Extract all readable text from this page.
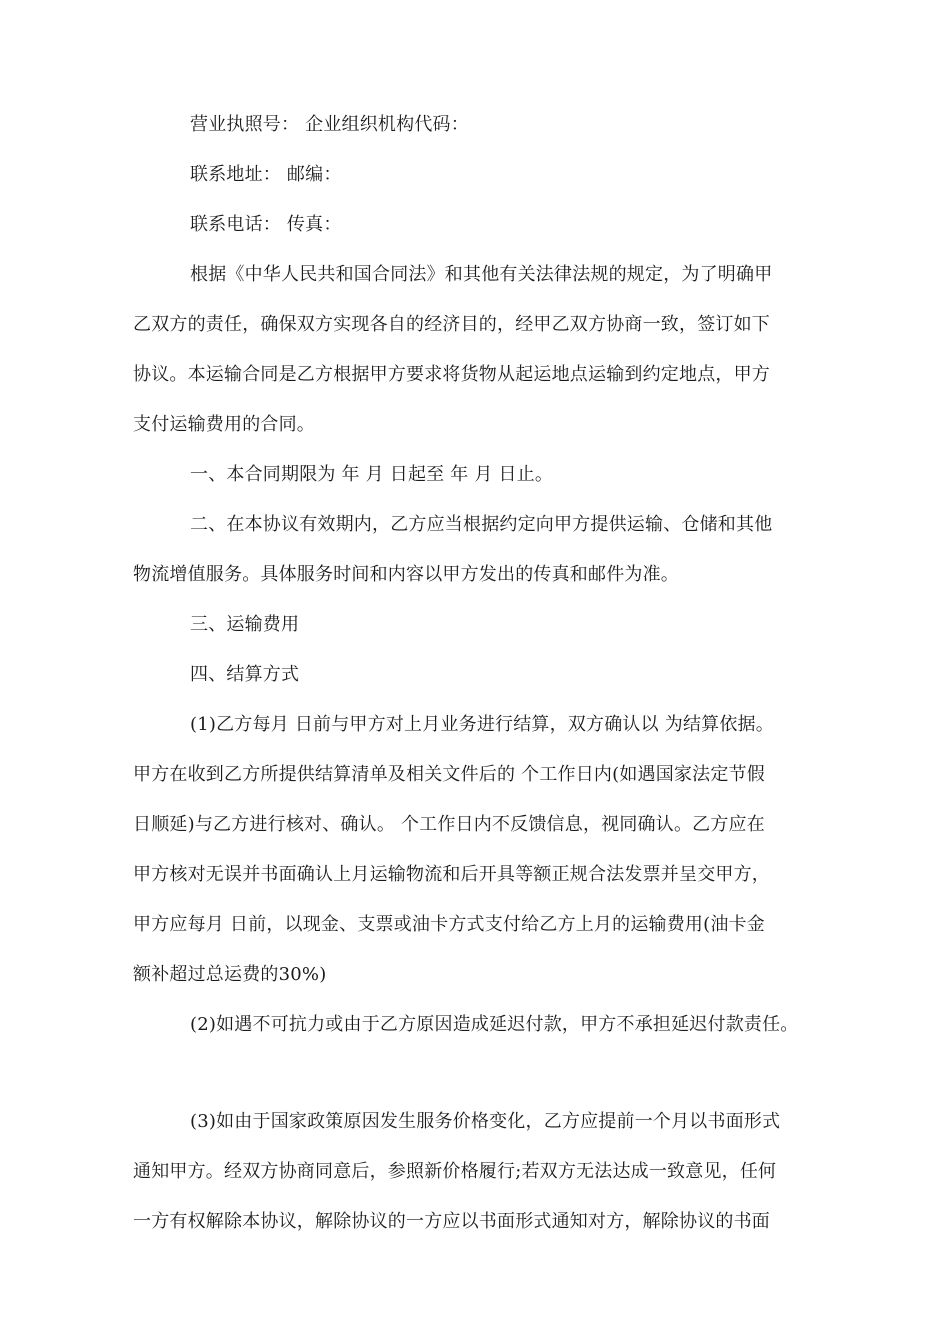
营业执照号： 企业组织机构代码：
联系地址： 邮编：
联系电话： 传真：
根据《中华人民共和国合同法》和其他有关法律法规的规定，为了明确甲
乙双方的责任，确保双方实现各自的经济目的，经甲乙双方协商一致，签订如下
协议。本运输合同是乙方根据甲方要求将货物从起运地点运输到约定地点，甲方
支付运输费用的合同。
一、本合同期限为 年 月 日起至 年 月 日止。
二、在本协议有效期内，乙方应当根据约定向甲方提供运输、仓储和其他
物流增值服务。具体服务时间和内容以甲方发出的传真和邮件为准。
三、运输费用
四、结算方式
(1)乙方每月 日前与甲方对上月业务进行结算，双方确认以 为结算依据。
甲方在收到乙方所提供结算清单及相关文件后的 个工作日内(如遇国家法定节假
日顺延)与乙方进行核对、确认。 个工作日内不反馈信息，视同确认。乙方应在
甲方核对无误并书面确认上月运输物流和后开具等额正规合法发票并呈交甲方，
甲方应每月 日前，以现金、支票或油卡方式支付给乙方上月的运输费用(油卡金
额补超过总运费的30%)
(2)如遇不可抗力或由于乙方原因造成延迟付款，甲方不承担延迟付款责任。
(3)如由于国家政策原因发生服务价格变化，乙方应提前一个月以书面形式
通知甲方。经双方协商同意后，参照新价格履行;若双方无法达成一致意见，任何
一方有权解除本协议，解除协议的一方应以书面形式通知对方，解除协议的书面
